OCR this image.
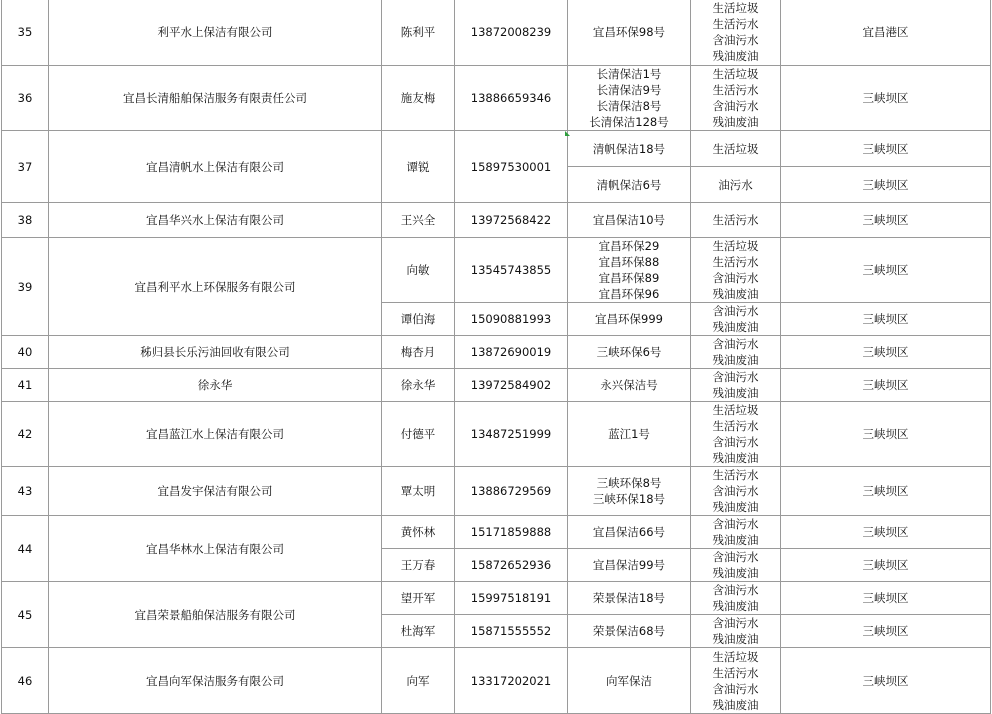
35	利平水上保洁有限公司	陈利平	13872008239	宜昌环保98号	生活垃圾
生活污水
含油污水
残油废油	宜昌港区
36	宜昌长清船舶保洁服务有限责任公司	施友梅	13886659346	长清保洁1号
长清保洁9号
长清保洁8号
长清保洁128号	生活垃圾
生活污水
含油污水
残油废油	三峡坝区
37	宜昌清帆水上保洁有限公司	谭锐	15897530001	清帆保洁18号	生活垃圾	三峡坝区

				清帆保洁6号	油污水	三峡坝区
38	宜昌华兴水上保洁有限公司	王兴全	13972568422	宜昌保洁10号	生活污水	三峡坝区
39	宜昌利平水上环保服务有限公司	向敏	13545743855	宜昌环保29
宜昌环保88
宜昌环保89
宜昌环保96	生活垃圾
生活污水
含油污水
残油废油	三峡坝区
		谭伯海	15090881993	宜昌环保999	含油污水
残油废油	三峡坝区
40	秭归县长乐污油回收有限公司	梅杏月	13872690019	三峡环保6号	含油污水
残油废油	三峡坝区
41	徐永华	徐永华	13972584902	永兴保洁号	含油污水
残油废油	三峡坝区
42	宜昌蓝江水上保洁有限公司	付德平	13487251999	蓝江1号	生活垃圾
生活污水
含油污水
残油废油	三峡坝区
43	宜昌发宇保洁有限公司	覃太明	13886729569	三峡环保8号
三峡环保18号	生活污水
含油污水
残油废油	三峡坝区
44	宜昌华林水上保洁有限公司	黄怀林	15171859888	宜昌保洁66号	含油污水
残油废油	三峡坝区
		王万春	15872652936	宜昌保洁99号	含油污水
残油废油	三峡坝区
45	宜昌荣景船舶保洁服务有限公司	望开军	15997518191	荣景保洁18号	含油污水
残油废油	三峡坝区
		杜海军	15871555552	荣景保洁68号	含油污水
残油废油	三峡坝区
46	宜昌向军保洁服务有限公司	向军	13317202021	向军保洁	生活垃圾
生活污水
含油污水
残油废油	三峡坝区
